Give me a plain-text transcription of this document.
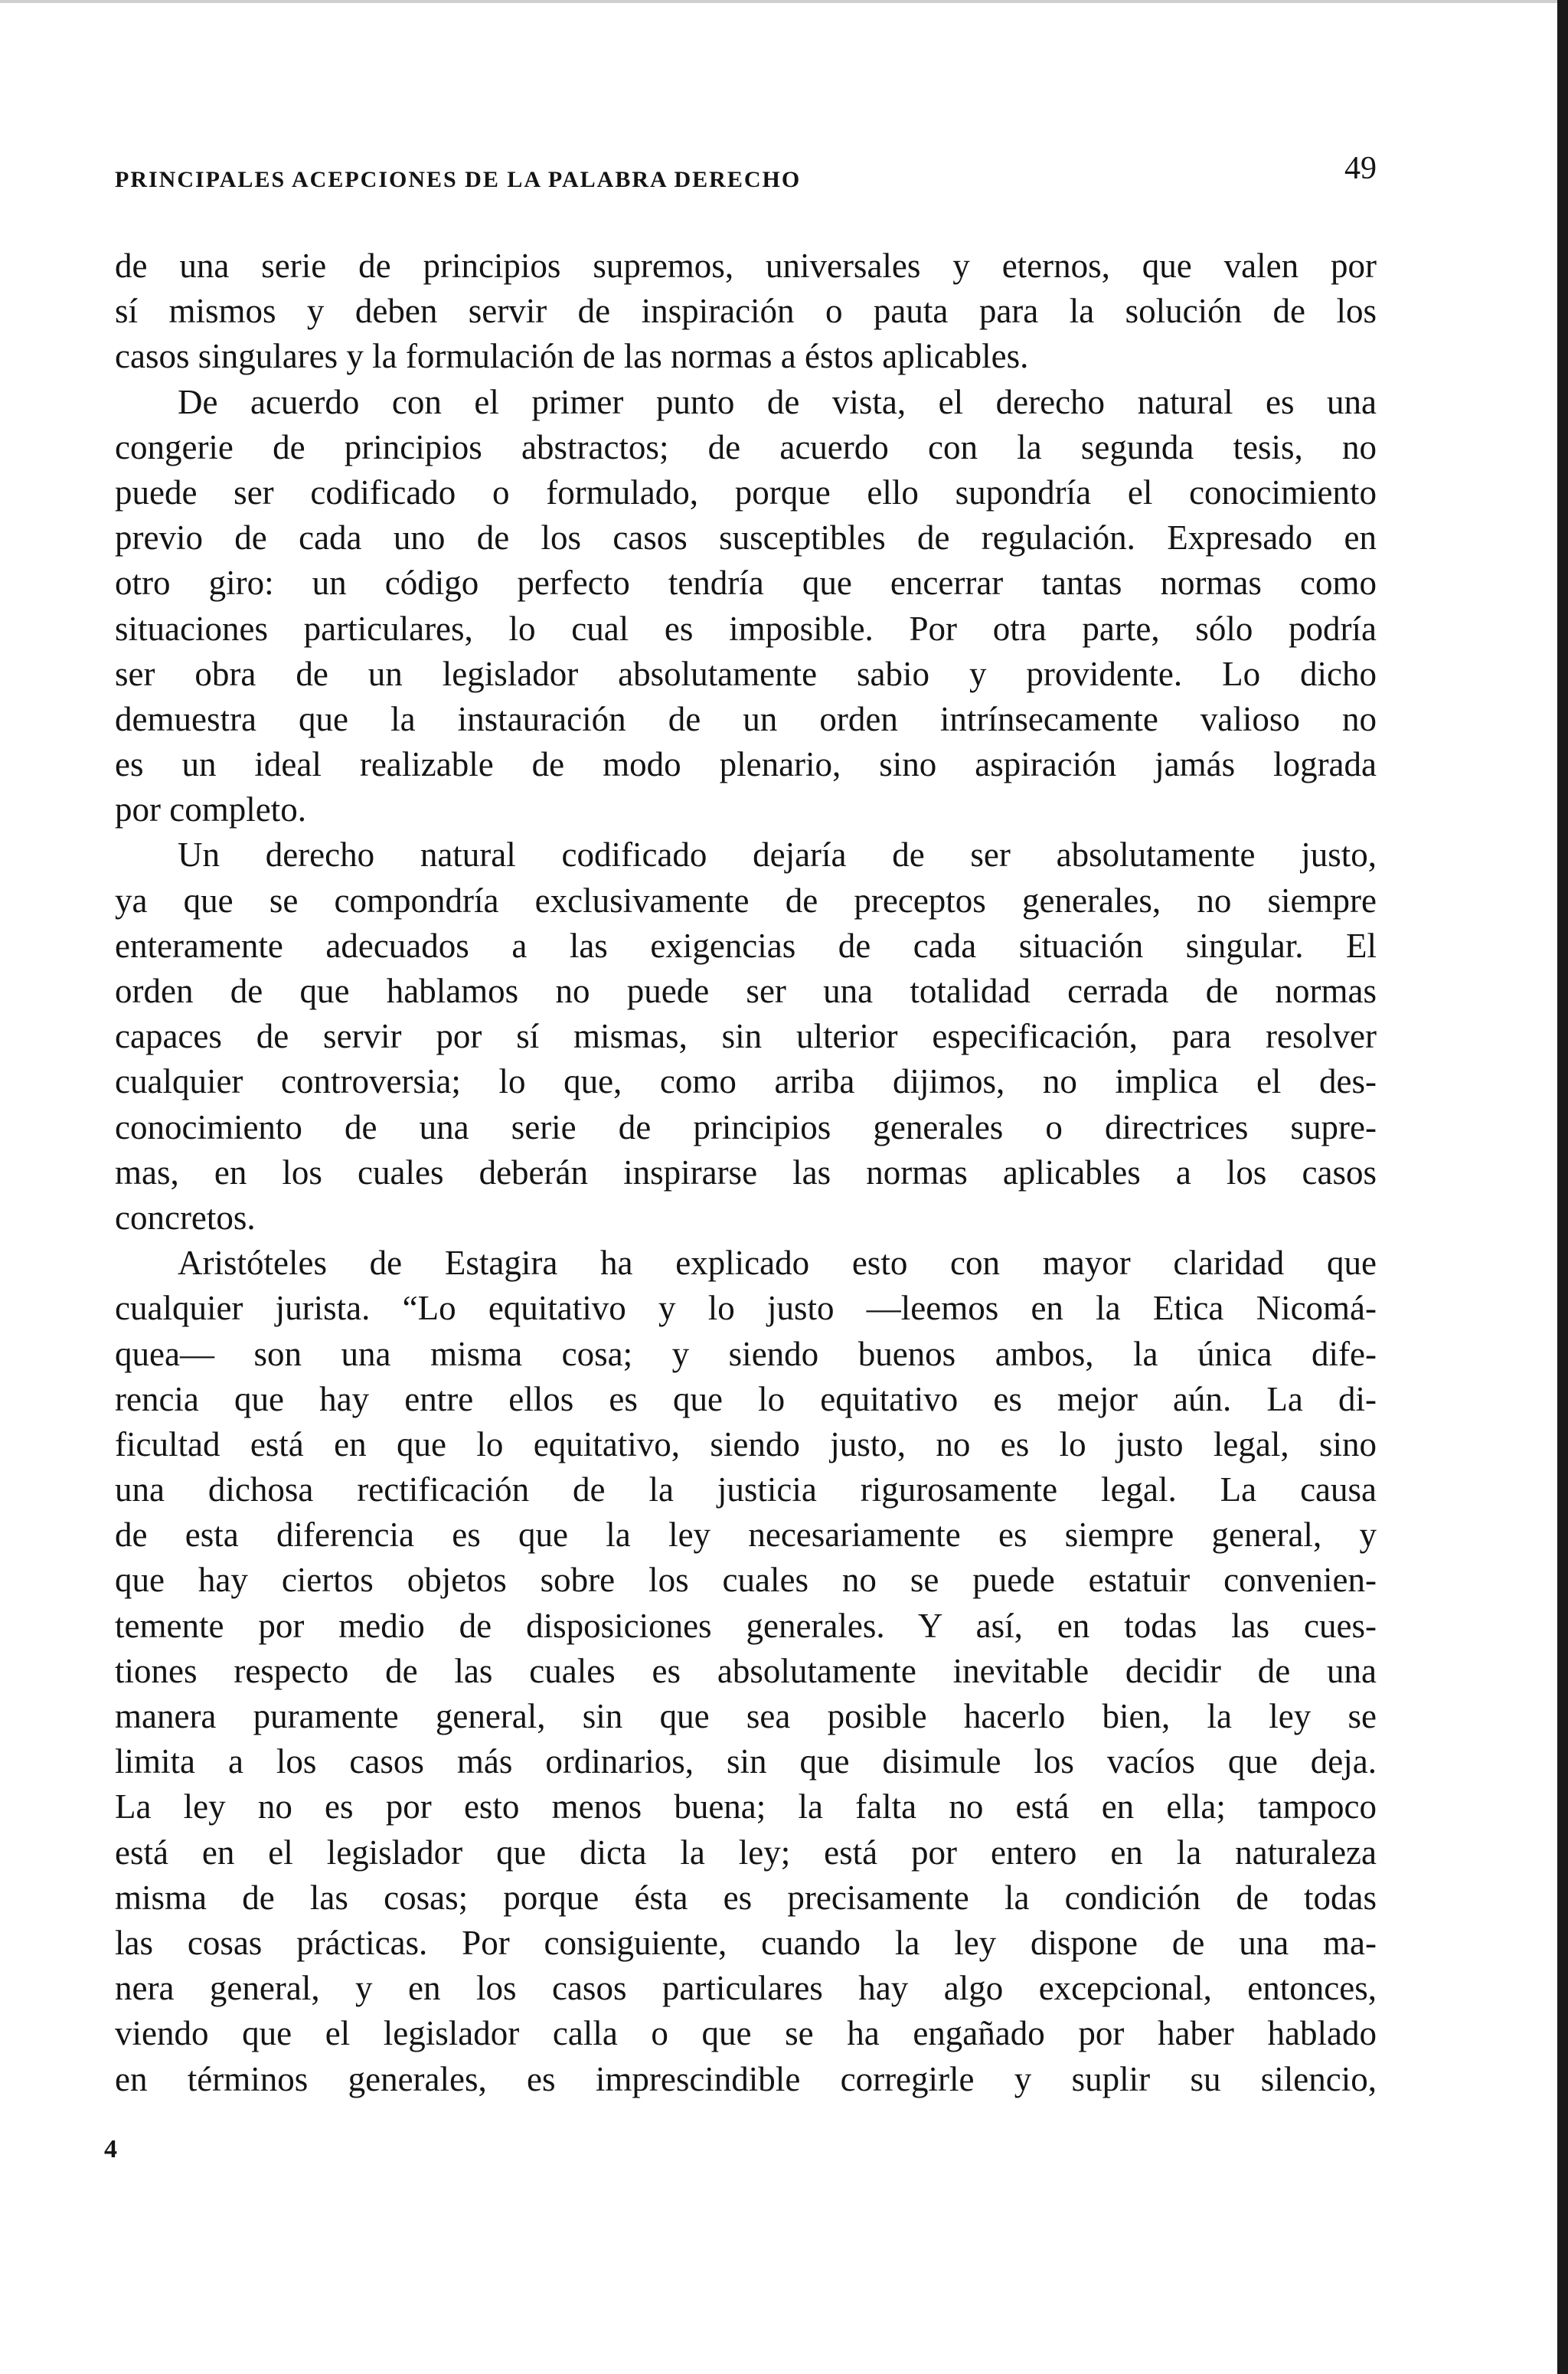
PRINCIPALES ACEPCIONES DE LA PALABRA DERECHO	49
de una serie de principios supremos, universales y eternos, que valen por
sí mismos y deben servir de inspiración o pauta para la solución de los
casos singulares y la formulación de las normas a éstos aplicables.
De acuerdo con el primer punto de vista, el derecho natural es una
congerie de principios abstractos; de acuerdo con la segunda tesis, no
puede ser codificado o formulado, porque ello supondría el conocimiento
previo de cada uno de los casos susceptibles de regulación. Expresado en
otro giro: un código perfecto tendría que encerrar tantas normas como
situaciones particulares, lo cual es imposible. Por otra parte, sólo podría
ser obra de un legislador absolutamente sabio y providente. Lo dicho
demuestra que la instauración de un orden intrínsecamente valioso no
es un ideal realizable de modo plenario, sino aspiración jamás lograda
por completo.
Un derecho natural codificado dejaría de ser absolutamente justo,
ya que se compondría exclusivamente de preceptos generales, no siempre
enteramente adecuados a las exigencias de cada situación singular. El
orden de que hablamos no puede ser una totalidad cerrada de normas
capaces de servir por sí mismas, sin ulterior especificación, para resolver
cualquier controversia; lo que, como arriba dijimos, no implica el des-
conocimiento de una serie de principios generales o directrices supre-
mas, en los cuales deberán inspirarse las normas aplicables a los casos
concretos.
Aristóteles de Estagira ha explicado esto con mayor claridad que
cualquier jurista. “Lo equitativo y lo justo —leemos en la Etica Nicomá-
quea— son una misma cosa; y siendo buenos ambos, la única dife-
rencia que hay entre ellos es que lo equitativo es mejor aún. La di-
ficultad está en que lo equitativo, siendo justo, no es lo justo legal, sino
una dichosa rectificación de la justicia rigurosamente legal. La causa
de esta diferencia es que la ley necesariamente es siempre general, y
que hay ciertos objetos sobre los cuales no se puede estatuir convenien-
temente por medio de disposiciones generales. Y así, en todas las cues-
tiones respecto de las cuales es absolutamente inevitable decidir de una
manera puramente general, sin que sea posible hacerlo bien, la ley se
limita a los casos más ordinarios, sin que disimule los vacíos que deja.
La ley no es por esto menos buena; la falta no está en ella; tampoco
está en el legislador que dicta la ley; está por entero en la naturaleza
misma de las cosas; porque ésta es precisamente la condición de todas
las cosas prácticas. Por consiguiente, cuando la ley dispone de una ma-
nera general, y en los casos particulares hay algo excepcional, entonces,
viendo que el legislador calla o que se ha engañado por haber hablado
en términos generales, es imprescindible corregirle y suplir su silencio,
4
